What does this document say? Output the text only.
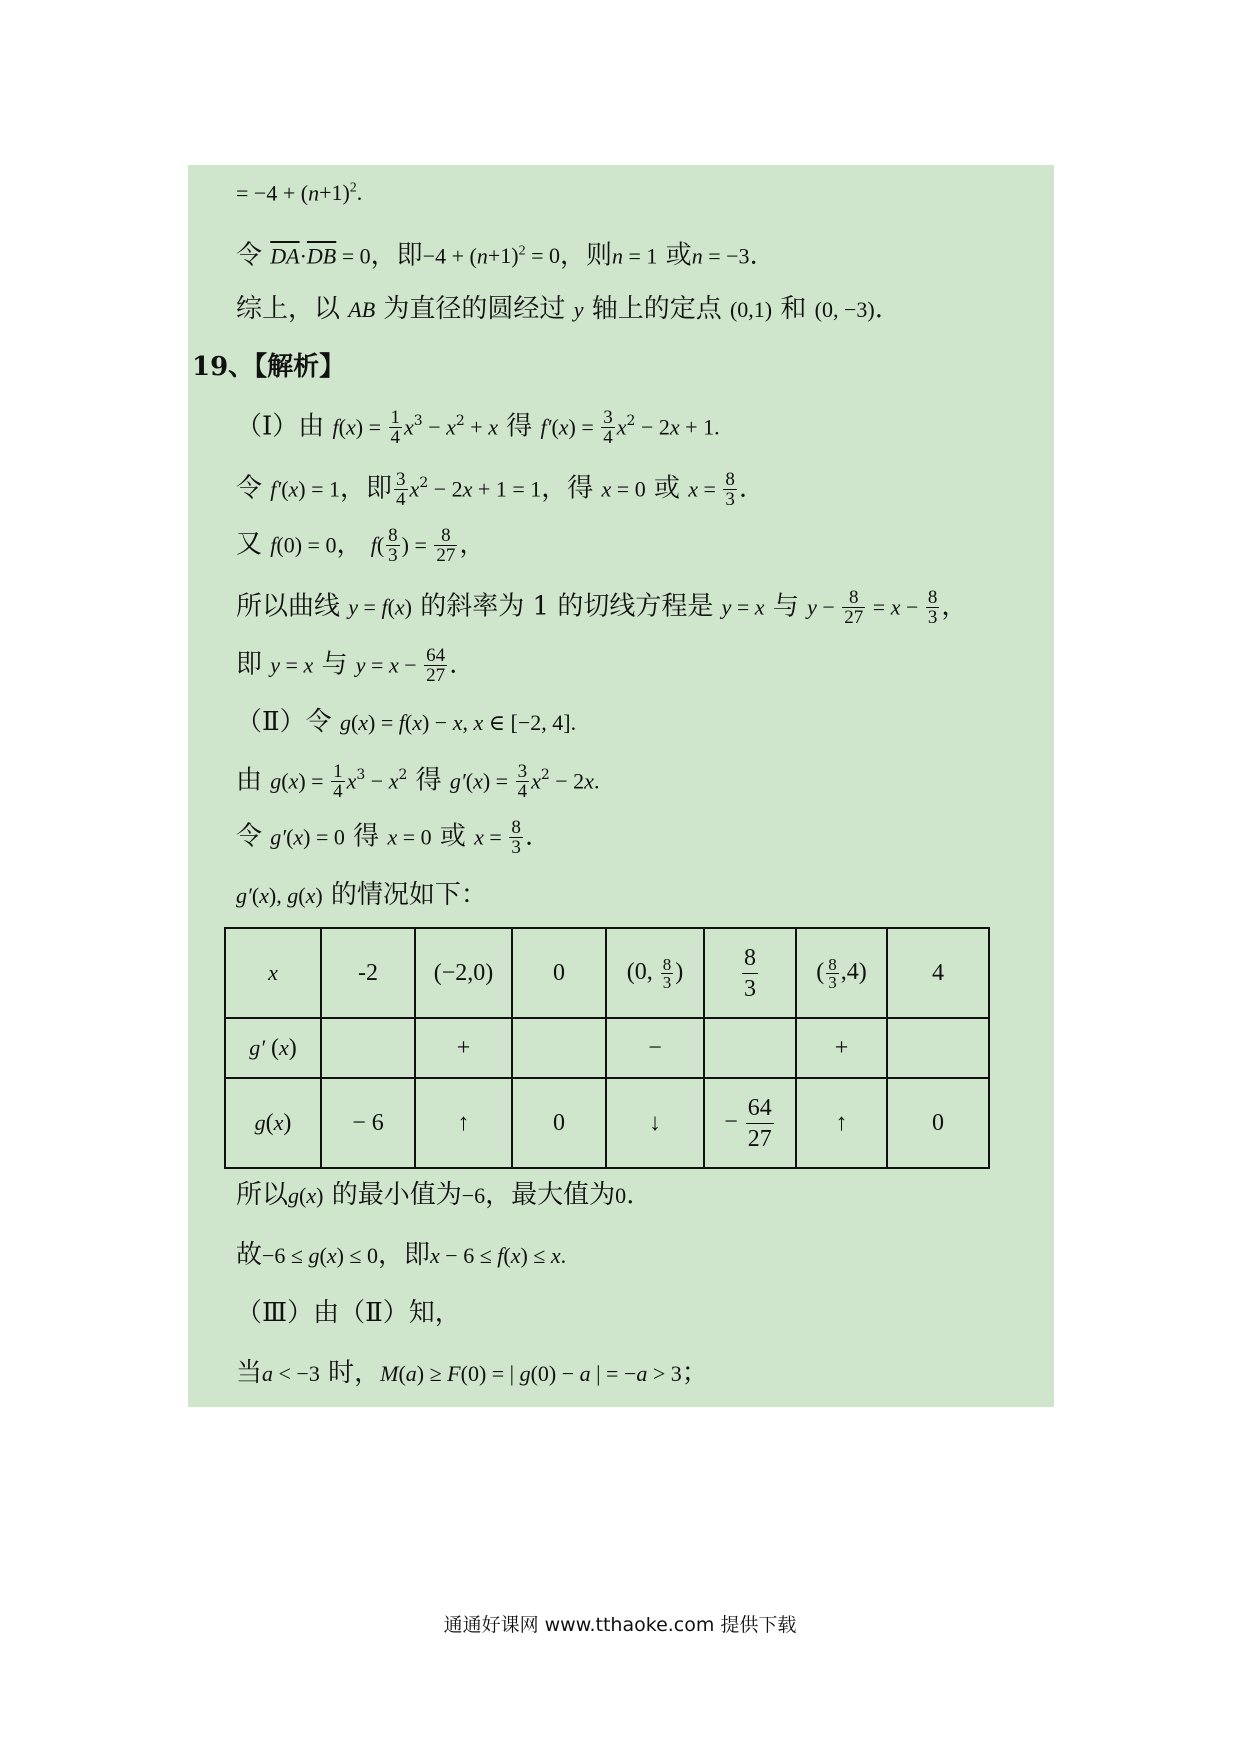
= $-4 + (n+1)^2$.
令 $\overline{DA}\cdot\overline{DB} = 0$，即$-4 + (n+1)^2 = 0$，则n = 1 或n = −3.
综上，以 AB 为直径的圆经过 y 轴上的定点 (0,1) 和 (0, −3).
19、【解析】
（Ⅰ）由 $f(x) = \frac{1}{4} x^3 - x^2 + x$ 得 $f'(x) = \frac{3}{4} x^2 - 2x + 1$.
令 f′(x) = 1，即 $\frac{3}{4} x^2 - 2x + 1 = 1$，得 x = 0 或 $x = \frac{8}{3}$ .
又 f(0) = 0， $f( \frac{8}{3}$ ) = $\frac{8}{27}$ ，
所以曲线 y = f(x) 的斜率为 1 的切线方程是 y = x 与 $y - \frac{8}{27} = x - \frac{8}{3}$ ，
即 y = x 与 $y = x - \frac{64}{27}$ .
（Ⅱ）令 g(x) = f(x) − x, x ∈ [−2, 4].
由 $g(x) = \frac{1}{4} x^3 - x^2$ 得 $g'(x) = \frac{3}{4} x^2 - 2x$.
令 g′(x) = 0 得 x = 0 或 $x = \frac{8}{3}$ .
g′(x), g(x) 的情况如下：
x	-2	(−2,0)	0	(0, $\frac{8}{3}$ )	$\frac{8}{3}$	( $\frac{8}{3} ,4$)	4
g′ (x)		+		−		+	
g(x)	− 6	↑	0	↓	− $\frac{64}{27}$	↑	0
所以g(x) 的最小值为−6，最大值为0.
故−6 ≤ g(x) ≤ 0，即x − 6 ≤ f(x) ≤ x.
（Ⅲ）由（Ⅱ）知，
当a < −3 时，M(a) ≥ F(0) = | g(0) − a | = −a > 3；
通通好课网 www.tthaoke.com 提供下载
